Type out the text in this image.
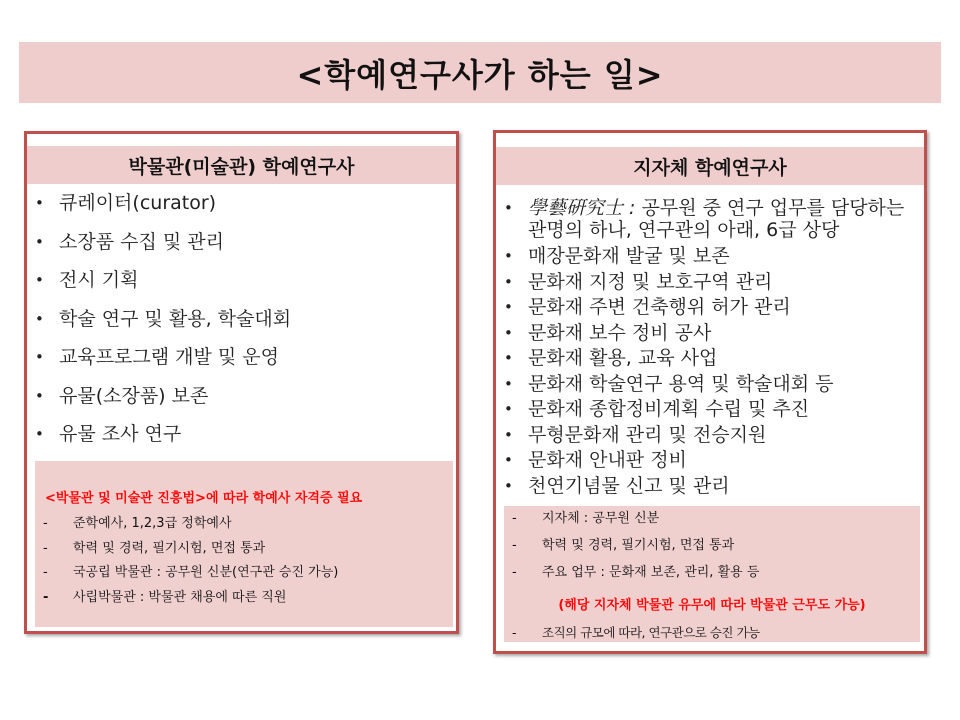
<학예연구사가 하는 일>
박물관(미술관) 학예연구사
• 큐레이터(curator)
• 소장품 수집 및 관리
• 전시 기획
• 학술 연구 및 활용, 학술대회
• 교육프로그램 개발 및 운영
• 유물(소장품) 보존
• 유물 조사 연구
<박물관 및 미술관 진흥법>에 따라 학예사 자격증 필요
- 준학예사, 1,2,3급 정학예사
- 학력 및 경력, 필기시험, 면접 통과
- 국공립 박물관 : 공무원 신분(연구관 승진 가능)
- 사립박물관 : 박물관 채용에 따른 직원
지자체 학예연구사
• 學藝硏究士 : 공무원 중 연구 업무를 담당하는 관명의 하나, 연구관의 아래, 6급 상당
• 매장문화재 발굴 및 보존
• 문화재 지정 및 보호구역 관리
• 문화재 주변 건축행위 허가 관리
• 문화재 보수 정비 공사
• 문화재 활용, 교육 사업
• 문화재 학술연구 용역 및 학술대회 등
• 문화재 종합정비계획 수립 및 추진
• 무형문화재 관리 및 전승지원
• 문화재 안내판 정비
• 천연기념물 신고 및 관리
- 지자체 : 공무원 신분
- 학력 및 경력, 필기시험, 면접 통과
- 주요 업무 : 문화재 보존, 관리, 활용 등
(해당 지자체 박물관 유무에 따라 박물관 근무도 가능)
- 조직의 규모에 따라, 연구관으로 승진 가능
